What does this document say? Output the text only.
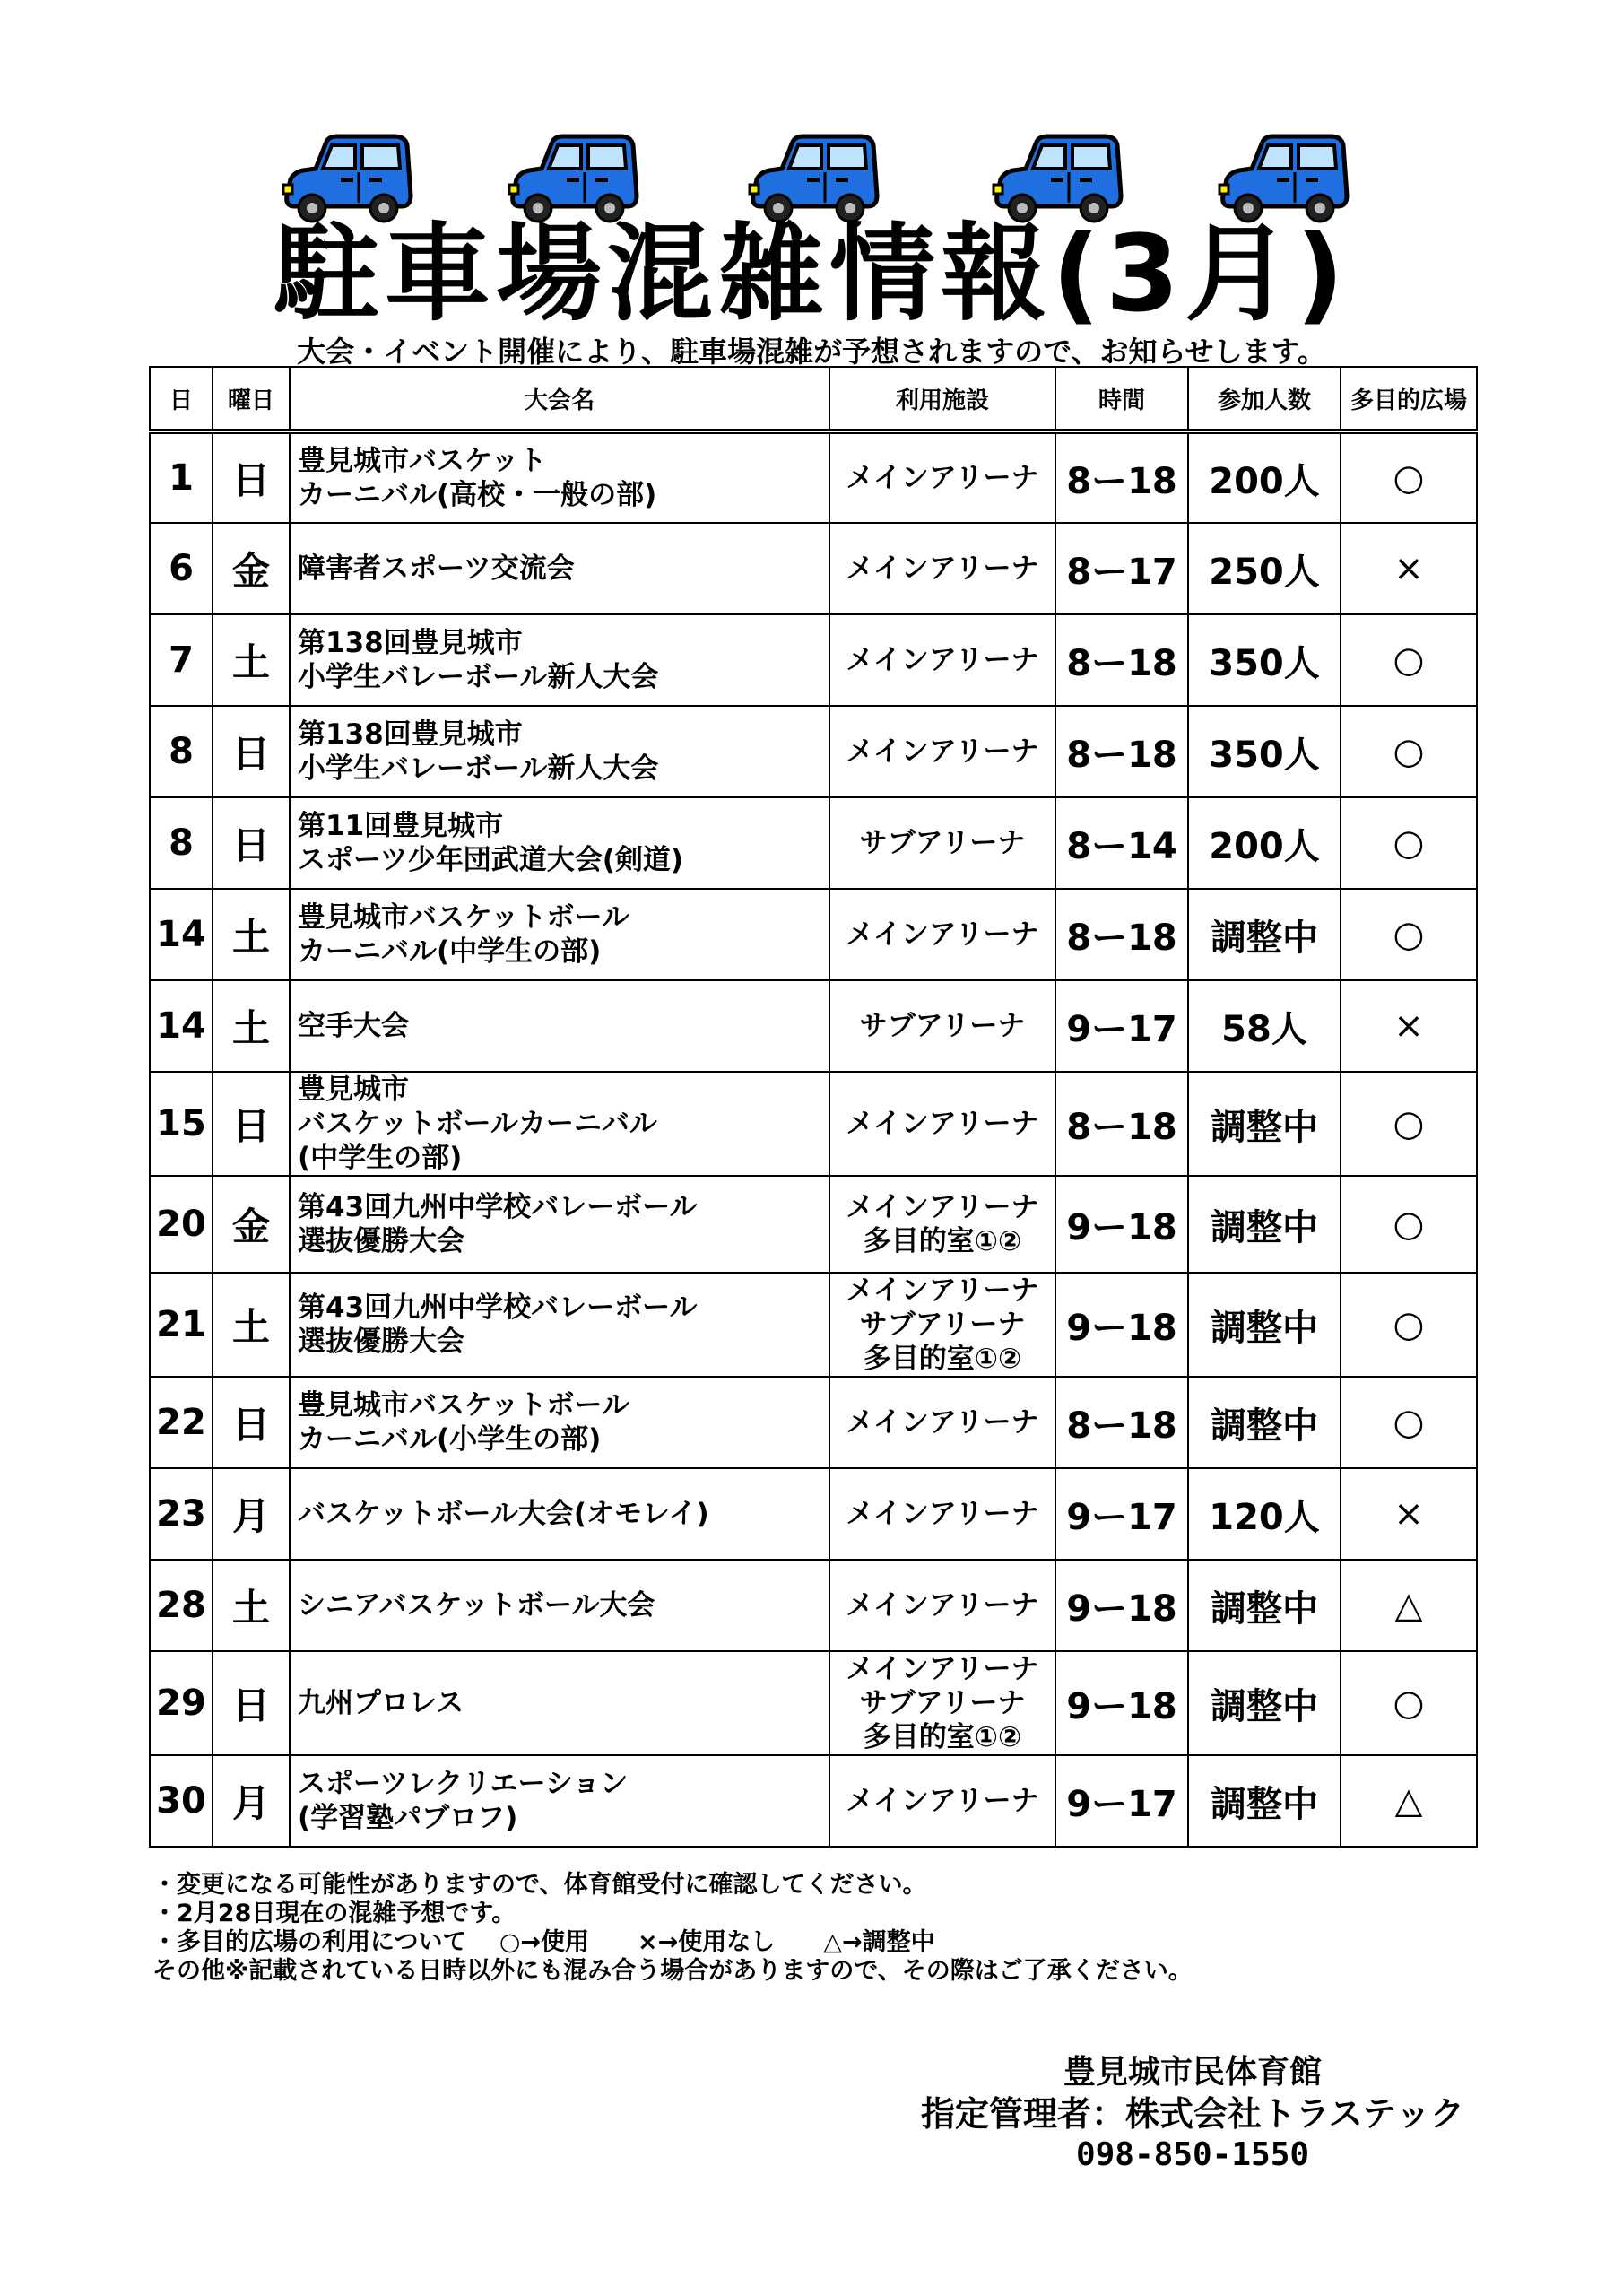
駐車場混雑情報(3月)

大会・イベント開催により、駐車場混雑が予想されますので、お知らせします。

日	曜日	大会名	利用施設	時間	参加人数	多目的広場
1	日	豊見城市バスケット
カーニバル(高校・一般の部)	メインアリーナ	8ー18	200人	○
6	金	障害者スポーツ交流会	メインアリーナ	8ー17	250人	×
7	土	第138回豊見城市
小学生バレーボール新人大会	メインアリーナ	8ー18	350人	○
8	日	第138回豊見城市
小学生バレーボール新人大会	メインアリーナ	8ー18	350人	○
8	日	第11回豊見城市
スポーツ少年団武道大会(剣道)	サブアリーナ	8ー14	200人	○
14	土	豊見城市バスケットボール
カーニバル(中学生の部)	メインアリーナ	8ー18	調整中	○
14	土	空手大会	サブアリーナ	9ー17	58人	×
15	日	豊見城市
バスケットボールカーニバル
(中学生の部)	メインアリーナ	8ー18	調整中	○
20	金	第43回九州中学校バレーボール
選抜優勝大会	メインアリーナ
多目的室①②	9ー18	調整中	○
21	土	第43回九州中学校バレーボール
選抜優勝大会	メインアリーナ
サブアリーナ
多目的室①②	9ー18	調整中	○
22	日	豊見城市バスケットボール
カーニバル(小学生の部)	メインアリーナ	8ー18	調整中	○
23	月	バスケットボール大会(オモレイ)	メインアリーナ	9ー17	120人	×
28	土	シニアバスケットボール大会	メインアリーナ	9ー18	調整中	△
29	日	九州プロレス	メインアリーナ
サブアリーナ
多目的室①②	9ー18	調整中	○
30	月	スポーツレクリエーション
(学習塾パブロフ)	メインアリーナ	9ー17	調整中	△
・変更になる可能性がありますので、体育館受付に確認してください。
・2月28日現在の混雑予想です。
・多目的広場の利用について　 ○→使用　　×→使用なし　　△→調整中
その他※記載されている日時以外にも混み合う場合がありますので、その際はご了承ください。
豊見城市民体育館
指定管理者：株式会社トラステック
098-850-1550
